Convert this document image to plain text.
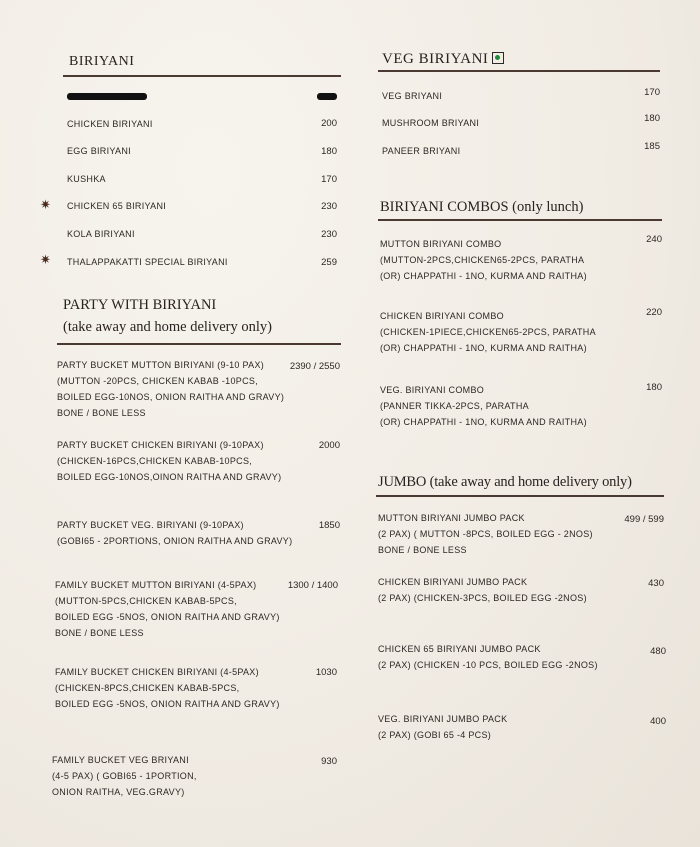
BIRIYANI
✷
✷
CHICKEN BIRIYANI	200
EGG BIRIYANI	180
KUSHKA	170
CHICKEN 65 BIRIYANI	230
KOLA BIRIYANI	230
THALAPPAKATTI SPECIAL BIRIYANI	259
PARTY WITH BIRIYANI
(take away and home delivery only)
PARTY BUCKET MUTTON BIRIYANI (9-10 PAX)
(MUTTON -20PCS, CHICKEN KABAB -10PCS,
BOILED EGG-10NOS, ONION RAITHA AND GRAVY)
BONE / BONE LESS
2390 / 2550
PARTY BUCKET CHICKEN BIRIYANI (9-10PAX)
(CHICKEN-16PCS,CHICKEN KABAB-10PCS,
BOILED EGG-10NOS,OINON RAITHA AND GRAVY)
2000
PARTY BUCKET VEG. BIRIYANI (9-10PAX)
(GOBI65 - 2PORTIONS, ONION RAITHA AND GRAVY)
1850
FAMILY BUCKET MUTTON BIRIYANI (4-5PAX)
(MUTTON-5PCS,CHICKEN KABAB-5PCS,
BOILED EGG -5NOS, ONION RAITHA AND GRAVY)
BONE / BONE LESS
1300 / 1400
FAMILY BUCKET CHICKEN BIRIYANI (4-5PAX)
(CHICKEN-8PCS,CHICKEN KABAB-5PCS,
BOILED EGG -5NOS, ONION RAITHA AND GRAVY)
1030
FAMILY BUCKET VEG BRIYANI
(4-5 PAX) ( GOBI65 - 1PORTION,
ONION RAITHA, VEG.GRAVY)
930
VEG BIRIYANI
VEG BRIYANI	170
MUSHROOM BRIYANI	180
PANEER BRIYANI	185
BIRIYANI COMBOS (only lunch)
MUTTON BIRIYANI COMBO
(MUTTON-2PCS,CHICKEN65-2PCS, PARATHA
(OR) CHAPPATHI - 1NO, KURMA AND RAITHA)
240
CHICKEN BIRIYANI COMBO
(CHICKEN-1PIECE,CHICKEN65-2PCS, PARATHA
(OR) CHAPPATHI - 1NO, KURMA AND RAITHA)
220
VEG. BIRIYANI COMBO
(PANNER TIKKA-2PCS, PARATHA
(OR) CHAPPATHI - 1NO, KURMA AND RAITHA)
180
JUMBO (take away and home delivery only)
MUTTON BIRIYANI JUMBO PACK
(2 PAX) ( MUTTON -8PCS, BOILED EGG - 2NOS)
BONE / BONE LESS
499 / 599
CHICKEN BIRIYANI JUMBO PACK
(2 PAX) (CHICKEN-3PCS, BOILED EGG -2NOS)
430
CHICKEN 65 BIRIYANI JUMBO PACK
(2 PAX) (CHICKEN -10 PCS, BOILED EGG -2NOS)
480
VEG. BIRIYANI JUMBO PACK
(2 PAX) (GOBI 65 -4 PCS)
400
